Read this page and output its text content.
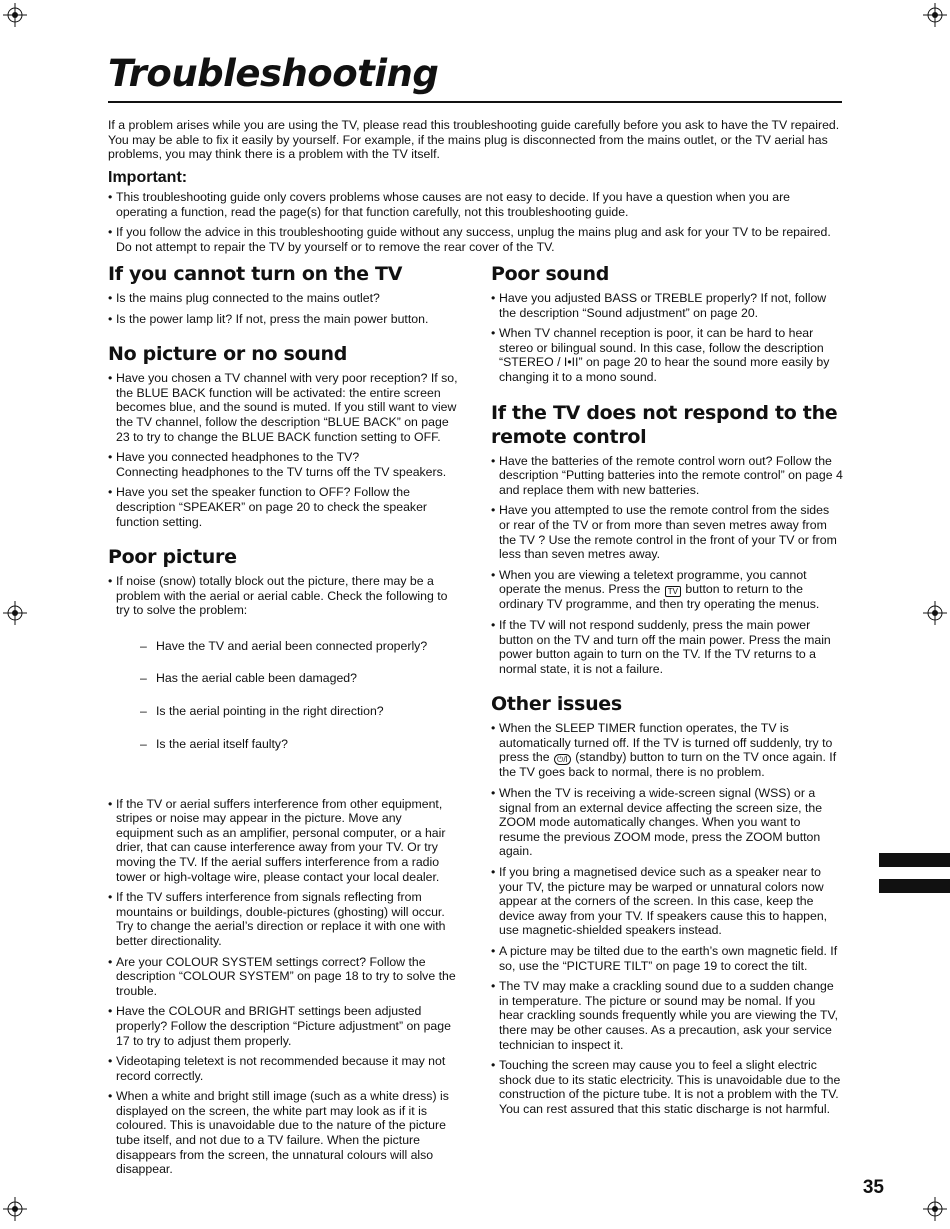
Troubleshooting

If a problem arises while you are using the TV, please read this troubleshooting guide carefully before you ask to have the TV repaired. You may be able to fix it easily by yourself. For example, if the mains plug is disconnected from the mains outlet, or the TV aerial has problems, you may think there is a problem with the TV itself.

Important:
• This troubleshooting guide only covers problems whose causes are not easy to decide. If you have a question when you are operating a function, read the page(s) for that function carefully, not this troubleshooting guide.
• If you follow the advice in this troubleshooting guide without any success, unplug the mains plug and ask for your TV to be repaired. Do not attempt to repair the TV by yourself or to remove the rear cover of the TV.
If you cannot turn on the TV
• Is the mains plug connected to the mains outlet?
• Is the power lamp lit? If not, press the main power button.
No picture or no sound
• Have you chosen a TV channel with very poor reception? If so, the BLUE BACK function will be activated: the entire screen becomes blue, and the sound is muted. If you still want to view the TV channel, follow the description “BLUE BACK” on page 23 to try to change the BLUE BACK function setting to OFF.
• Have you connected headphones to the TV?
Connecting headphones to the TV turns off the TV speakers.
• Have you set the speaker function to OFF? Follow the description “SPEAKER” on page 20 to check the speaker function setting.
Poor picture
• If noise (snow) totally block out the picture, there may be a problem with the aerial or aerial cable. Check the following to try to solve the problem:

– Have the TV and aerial been connected properly?

– Has the aerial cable been damaged?

– Is the aerial pointing in the right direction?

– Is the aerial itself faulty?

• If the TV or aerial suffers interference from other equipment, stripes or noise may appear in the picture. Move any equipment such as an amplifier, personal computer, or a hair drier, that can cause interference away from your TV. Or try moving the TV. If the aerial suffers interference from a radio tower or high-voltage wire, please contact your local dealer.
• If the TV suffers interference from signals reflecting from mountains or buildings, double-pictures (ghosting) will occur. Try to change the aerial’s direction or replace it with one with better directionality.
• Are your COLOUR SYSTEM settings correct? Follow the description “COLOUR SYSTEM” on page 18 to try to solve the trouble.
• Have the COLOUR and BRIGHT settings been adjusted properly? Follow the description “Picture adjustment” on page 17 to try to adjust them properly.
• Videotaping teletext is not recommended because it may not record correctly.
• When a white and bright still image (such as a white dress) is displayed on the screen, the white part may look as if it is coloured. This is unavoidable due to the nature of the picture tube itself, and not due to a TV failure. When the picture disappears from the screen, the unnatural colours will also disappear.
Poor sound
• Have you adjusted BASS or TREBLE properly? If not, follow the description “Sound adjustment” on page 20.
• When TV channel reception is poor, it can be hard to hear stereo or bilingual sound. In this case, follow the description “STEREO / I•II” on page 20 to hear the sound more easily by changing it to a mono sound.
If the TV does not respond to the remote control
• Have the batteries of the remote control worn out? Follow the description “Putting batteries into the remote control” on page 4 and replace them with new batteries.
• Have you attempted to use the remote control from the sides or rear of the TV or from more than seven metres away from the TV ? Use the remote control in the front of your TV or from less than seven metres away.
• When you are viewing a teletext programme, you cannot operate the menus. Press the TV button to return to the ordinary TV programme, and then try operating the menus.
• If the TV will not respond suddenly, press the main power button on the TV and turn off the main power. Press the main power button again to turn on the TV. If the TV returns to a normal state, it is not a failure.
Other issues
• When the SLEEP TIMER function operates, the TV is automatically turned off. If the TV is turned off suddenly, try to press the ⏻/I (standby) button to turn on the TV once again. If the TV goes back to normal, there is no problem.
• When the TV is receiving a wide-screen signal (WSS) or a signal from an external device affecting the screen size, the ZOOM mode automatically changes. When you want to resume the previous ZOOM mode, press the ZOOM button again.
• If you bring a magnetised device such as a speaker near to your TV, the picture may be warped or unnatural colors now appear at the corners of the screen. In this case, keep the device away from your TV. If speakers cause this to happen, use magnetic-shielded speakers instead.
• A picture may be tilted due to the earth’s own magnetic field. If so, use the “PICTURE TILT” on page 19 to corect the tilt.
• The TV may make a crackling sound due to a sudden change in temperature. The picture or sound may be nomal. If you hear crackling sounds frequently while you are viewing the TV, there may be other causes. As a precaution, ask your service technician to inspect it.
• Touching the screen may cause you to feel a slight electric shock due to its static electricity. This is unavoidable due to the construction of the picture tube. It is not a problem with the TV. You can rest assured that this static discharge is not harmful.
35
